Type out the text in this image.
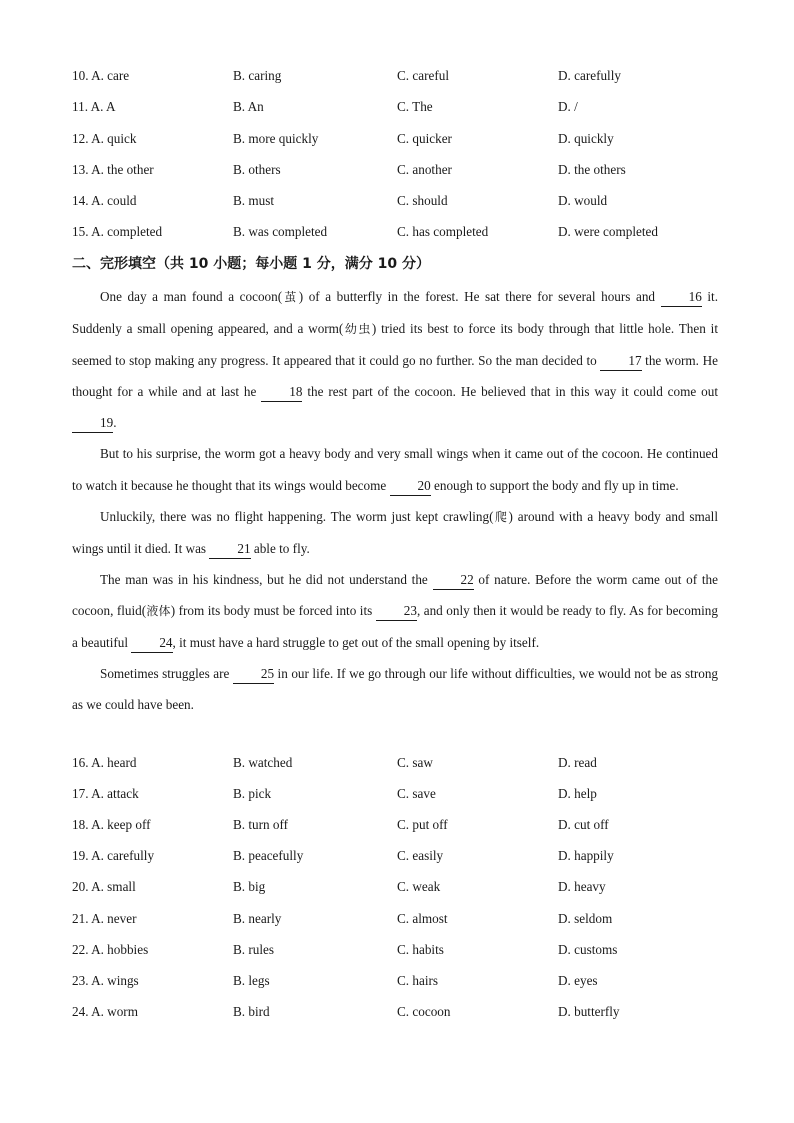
10. A. care	B. caring	C. careful	D. carefully
11. A. A	B. An	C. The	D. /
12. A. quick	B. more quickly	C. quicker	D. quickly
13. A. the other	B. others	C. another	D. the others
14. A. could	B. must	C. should	D. would
15. A. completed	B. was completed	C. has completed	D. were completed
二、完形填空（共 10 小题；每小题 1 分，满分 10 分）

One day a man found a cocoon(茧) of a butterfly in the forest. He sat there for several hours and 16 it. Suddenly a small opening appeared, and a worm(幼虫) tried its best to force its body through that little hole. Then it seemed to stop making any progress. It appeared that it could go no further. So the man decided to 17 the worm. He thought for a while and at last he 18 the rest part of the cocoon. He believed that in this way it could come out 19.

But to his surprise, the worm got a heavy body and very small wings when it came out of the cocoon. He continued to watch it because he thought that its wings would become 20 enough to support the body and fly up in time.

Unluckily, there was no flight happening. The worm just kept crawling(爬) around with a heavy body and small wings until it died. It was 21 able to fly.

The man was in his kindness, but he did not understand the 22 of nature. Before the worm came out of the cocoon, fluid(液体) from its body must be forced into its 23, and only then it would be ready to fly. As for becoming a beautiful 24, it must have a hard struggle to get out of the small opening by itself.

Sometimes struggles are 25 in our life. If we go through our life without difficulties, we would not be as strong as we could have been.

16. A. heard	B. watched	C. saw	D. read
17. A. attack	B. pick	C. save	D. help
18. A. keep off	B. turn off	C. put off	D. cut off
19. A. carefully	B. peacefully	C. easily	D. happily
20. A. small	B. big	C. weak	D. heavy
21. A. never	B. nearly	C. almost	D. seldom
22. A. hobbies	B. rules	C. habits	D. customs
23. A. wings	B. legs	C. hairs	D. eyes
24. A. worm	B. bird	C. cocoon	D. butterfly
